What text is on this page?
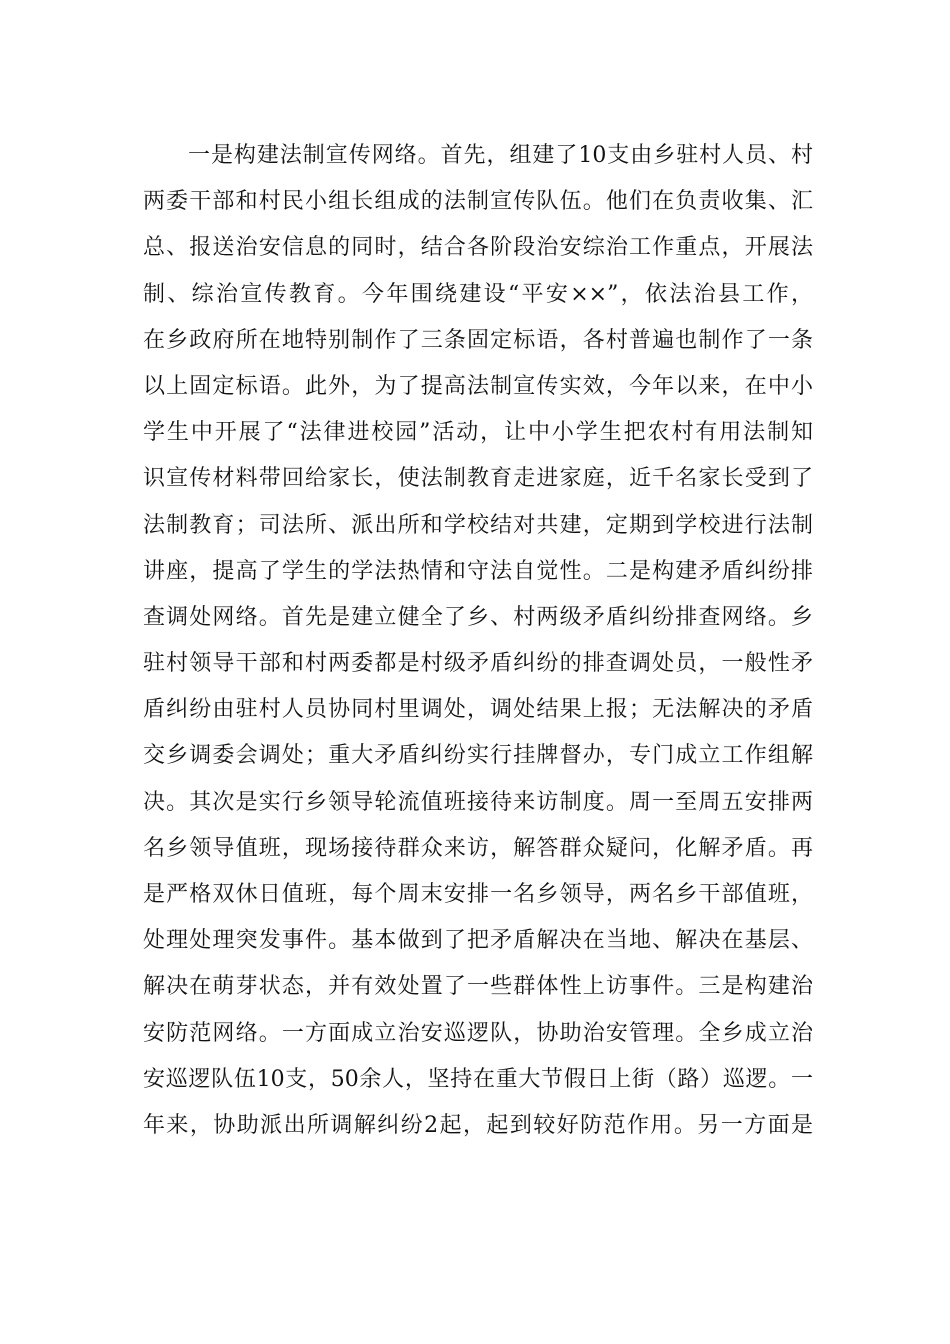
一是构建法制宣传网络。首先，组建了10支由乡驻村人员、村
两委干部和村民小组长组成的法制宣传队伍。他们在负责收集、汇
总、报送治安信息的同时，结合各阶段治安综治工作重点，开展法
制、综治宣传教育。今年围绕建设“平安××”，依法治县工作，
在乡政府所在地特别制作了三条固定标语，各村普遍也制作了一条
以上固定标语。此外，为了提高法制宣传实效，今年以来，在中小
学生中开展了“法律进校园”活动，让中小学生把农村有用法制知
识宣传材料带回给家长，使法制教育走进家庭，近千名家长受到了
法制教育；司法所、派出所和学校结对共建，定期到学校进行法制
讲座，提高了学生的学法热情和守法自觉性。二是构建矛盾纠纷排
查调处网络。首先是建立健全了乡、村两级矛盾纠纷排查网络。乡
驻村领导干部和村两委都是村级矛盾纠纷的排查调处员，一般性矛
盾纠纷由驻村人员协同村里调处，调处结果上报；无法解决的矛盾
交乡调委会调处；重大矛盾纠纷实行挂牌督办，专门成立工作组解
决。其次是实行乡领导轮流值班接待来访制度。周一至周五安排两
名乡领导值班，现场接待群众来访，解答群众疑问，化解矛盾。再
是严格双休日值班，每个周末安排一名乡领导，两名乡干部值班，
处理处理突发事件。基本做到了把矛盾解决在当地、解决在基层、
解决在萌芽状态，并有效处置了一些群体性上访事件。三是构建治
安防范网络。一方面成立治安巡逻队，协助治安管理。全乡成立治
安巡逻队伍10支，50余人，坚持在重大节假日上街（路）巡逻。一
年来，协助派出所调解纠纷2起，起到较好防范作用。另一方面是
